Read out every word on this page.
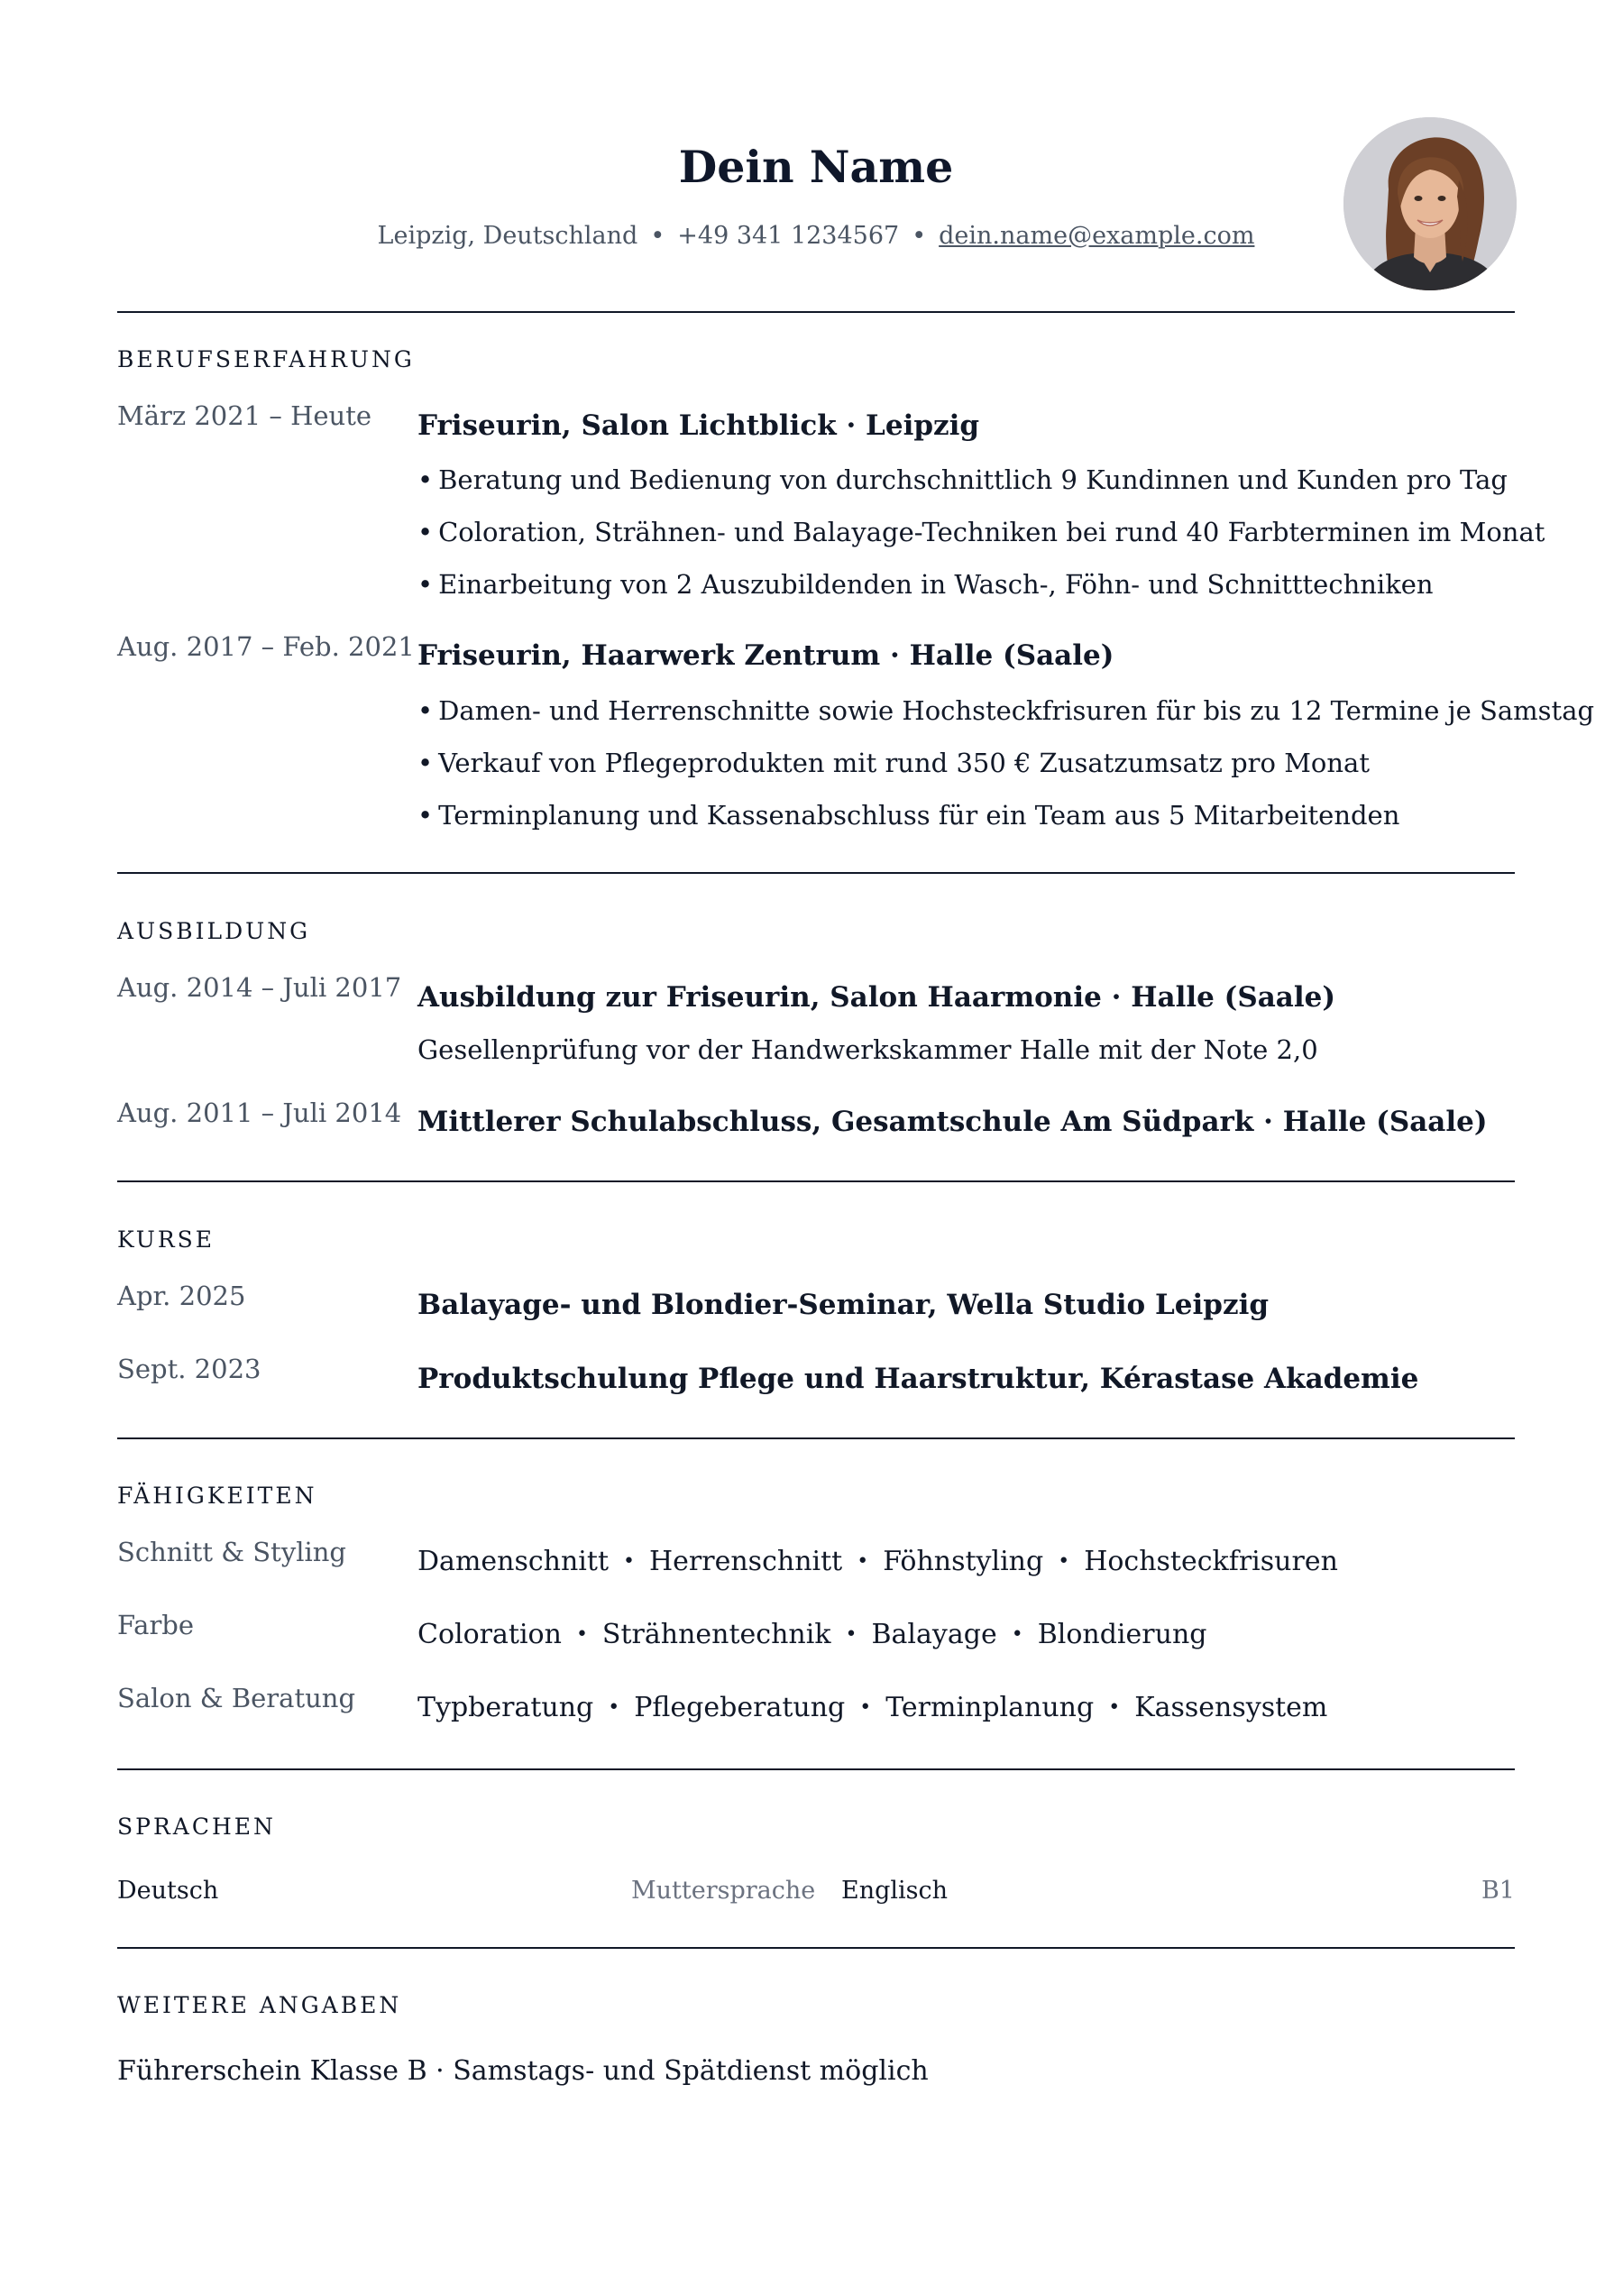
Dein Name
Leipzig, Deutschland • +49 341 1234567 • dein.name@example.com
BERUFSERFAHRUNG
März 2021 – Heute	Friseurin, Salon Lichtblick · Leipzig
• Beratung und Bedienung von durchschnittlich 9 Kundinnen und Kunden pro Tag
• Coloration, Strähnen- und Balayage-Techniken bei rund 40 Farbterminen im Monat
• Einarbeitung von 2 Auszubildenden in Wasch-, Föhn- und Schnitttechniken
Aug. 2017 – Feb. 2021 Friseurin, Haarwerk Zentrum · Halle (Saale)
• Damen- und Herrenschnitte sowie Hochsteckfrisuren für bis zu 12 Termine je Samstag
• Verkauf von Pflegeprodukten mit rund 350 € Zusatzumsatz pro Monat
• Terminplanung und Kassenabschluss für ein Team aus 5 Mitarbeitenden
AUSBILDUNG
Aug. 2014 – Juli 2017 Ausbildung zur Friseurin, Salon Haarmonie · Halle (Saale)
Gesellenprüfung vor der Handwerkskammer Halle mit der Note 2,0
Aug. 2011 – Juli 2014 Mittlerer Schulabschluss, Gesamtschule Am Südpark · Halle (Saale)
KURSE
Apr. 2025	Balayage- und Blondier-Seminar, Wella Studio Leipzig
Sept. 2023	Produktschulung Pflege und Haarstruktur, Kérastase Akademie
FÄHIGKEITEN
Schnitt & Styling	Damenschnitt • Herrenschnitt • Föhnstyling • Hochsteckfrisuren
Farbe	Coloration • Strähnentechnik • Balayage • Blondierung
Salon & Beratung	Typberatung • Pflegeberatung • Terminplanung • Kassensystem
SPRACHEN
Deutsch	Muttersprache	Englisch	B1
WEITERE ANGABEN
Führerschein Klasse B · Samstags- und Spätdienst möglich
